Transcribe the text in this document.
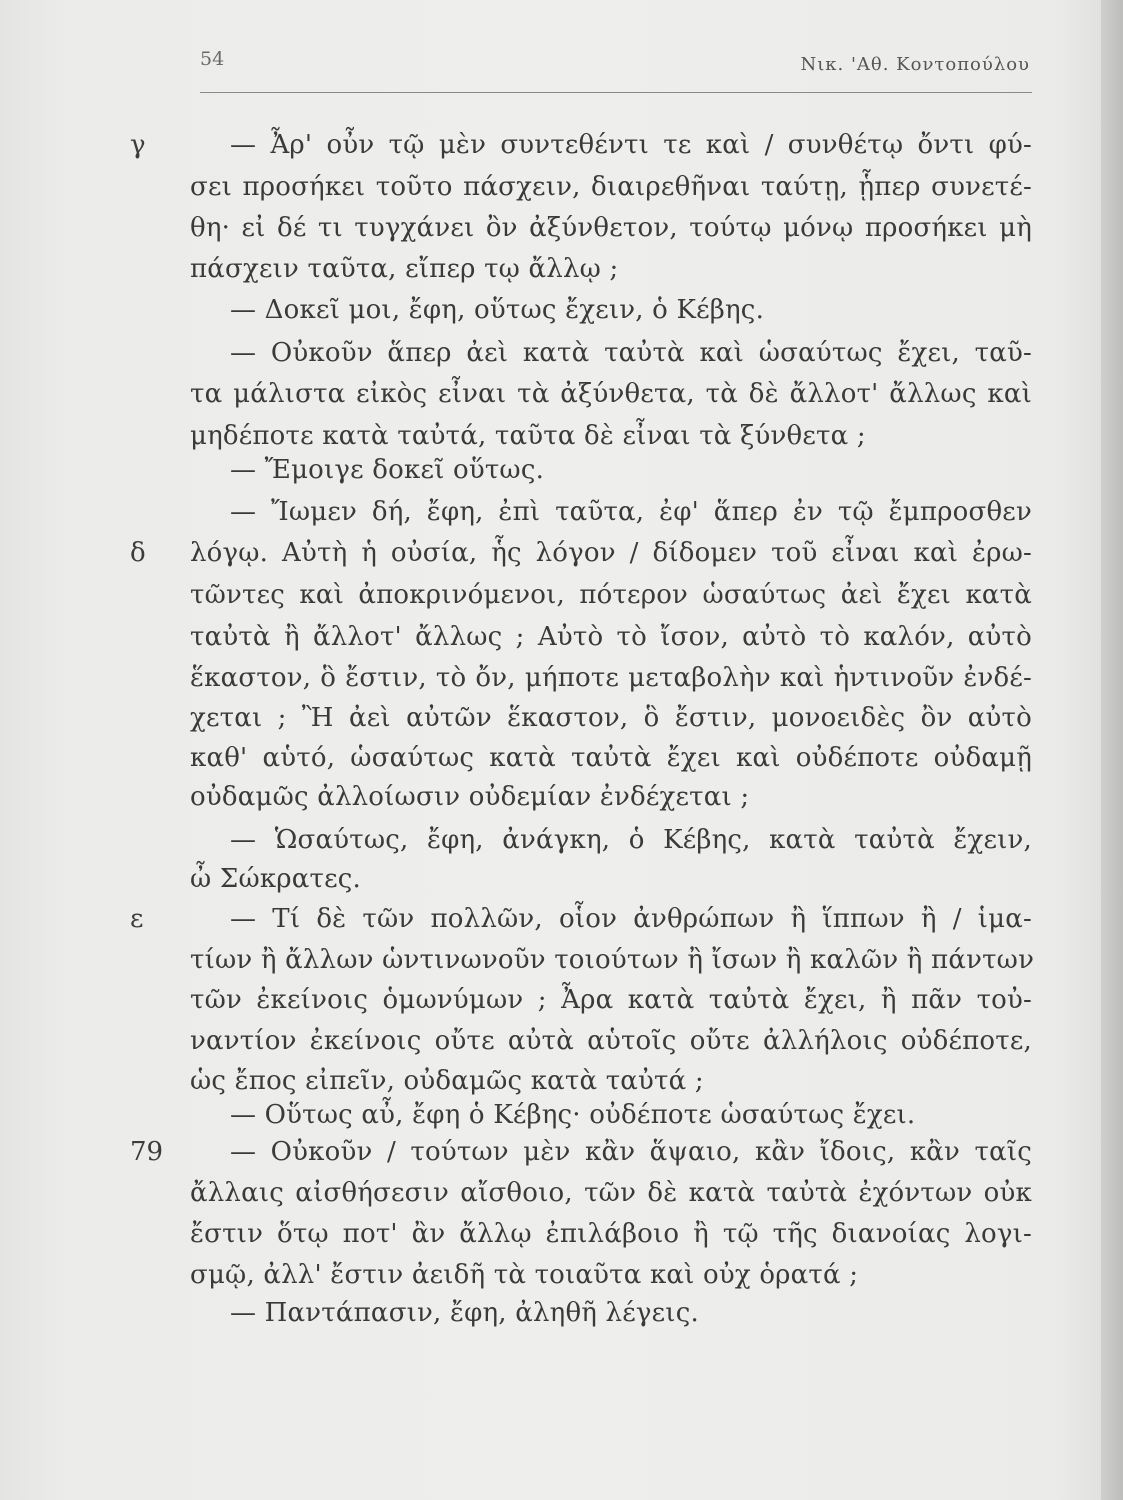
54	Νικ. 'Αθ. Κοντοπούλου
γ
δ
ε
79
— Ἆρ' οὖν τῷ μὲν συντεθέντι τε καὶ / συνθέτῳ ὄντι φύ-
σει προσήκει τοῦτο πάσχειν, διαιρεθῆναι ταύτῃ, ᾗπερ συνετέ-
θη· εἰ δέ τι τυγχάνει ὂν ἀξύνθετον, τούτῳ μόνῳ προσήκει μὴ
πάσχειν ταῦτα, εἴπερ τῳ ἄλλῳ ;
— Δοκεῖ μοι, ἔφη, οὕτως ἔχειν, ὁ Κέβης.
— Οὐκοῦν ἅπερ ἀεὶ κατὰ ταὐτὰ καὶ ὡσαύτως ἔχει, ταῦ-
τα μάλιστα εἰκὸς εἶναι τὰ ἀξύνθετα, τὰ δὲ ἄλλοτ' ἄλλως καὶ
μηδέποτε κατὰ ταὐτά, ταῦτα δὲ εἶναι τὰ ξύνθετα ;
— Ἔμοιγε δοκεῖ οὕτως.
— Ἴωμεν δή, ἔφη, ἐπὶ ταῦτα, ἐφ' ἅπερ ἐν τῷ ἔμπροσθεν
λόγῳ. Αὐτὴ ἡ οὐσία, ἧς λόγον / δίδομεν τοῦ εἶναι καὶ ἐρω-
τῶντες καὶ ἀποκρινόμενοι, πότερον ὡσαύτως ἀεὶ ἔχει κατὰ
ταὐτὰ ἢ ἄλλοτ' ἄλλως ; Αὐτὸ τὸ ἴσον, αὐτὸ τὸ καλόν, αὐτὸ
ἕκαστον, ὃ ἔστιν, τὸ ὄν, μήποτε μεταβολὴν καὶ ἡντινοῦν ἐνδέ-
χεται ; Ἢ ἀεὶ αὐτῶν ἕκαστον, ὃ ἔστιν, μονοειδὲς ὂν αὐτὸ
καθ' αὑτό, ὡσαύτως κατὰ ταὐτὰ ἔχει καὶ οὐδέποτε οὐδαμῇ
οὐδαμῶς ἀλλοίωσιν οὐδεμίαν ἐνδέχεται ;
— Ὡσαύτως, ἔφη, ἀνάγκη, ὁ Κέβης, κατὰ ταὐτὰ ἔχειν,
ὦ Σώκρατες.
— Τί δὲ τῶν πολλῶν, οἷον ἀνθρώπων ἢ ἵππων ἢ / ἱμα-
τίων ἢ ἄλλων ὡντινωνοῦν τοιούτων ἢ ἴσων ἢ καλῶν ἢ πάντων
τῶν ἐκείνοις ὁμωνύμων ; Ἆρα κατὰ ταὐτὰ ἔχει, ἢ πᾶν τοὐ-
ναντίον ἐκείνοις οὔτε αὐτὰ αὑτοῖς οὔτε ἀλλήλοις οὐδέποτε,
ὡς ἔπος εἰπεῖν, οὐδαμῶς κατὰ ταὐτά ;
— Οὕτως αὖ, ἔφη ὁ Κέβης· οὐδέποτε ὡσαύτως ἔχει.
— Οὐκοῦν / τούτων μὲν κἂν ἅψαιο, κἂν ἴδοις, κἂν ταῖς
ἄλλαις αἰσθήσεσιν αἴσθοιο, τῶν δὲ κατὰ ταὐτὰ ἐχόντων οὐκ
ἔστιν ὅτῳ ποτ' ἂν ἄλλῳ ἐπιλάβοιο ἢ τῷ τῆς διανοίας λογι-
σμῷ, ἀλλ' ἔστιν ἀειδῆ τὰ τοιαῦτα καὶ οὐχ ὁρατά ;
— Παντάπασιν, ἔφη, ἀληθῆ λέγεις.
